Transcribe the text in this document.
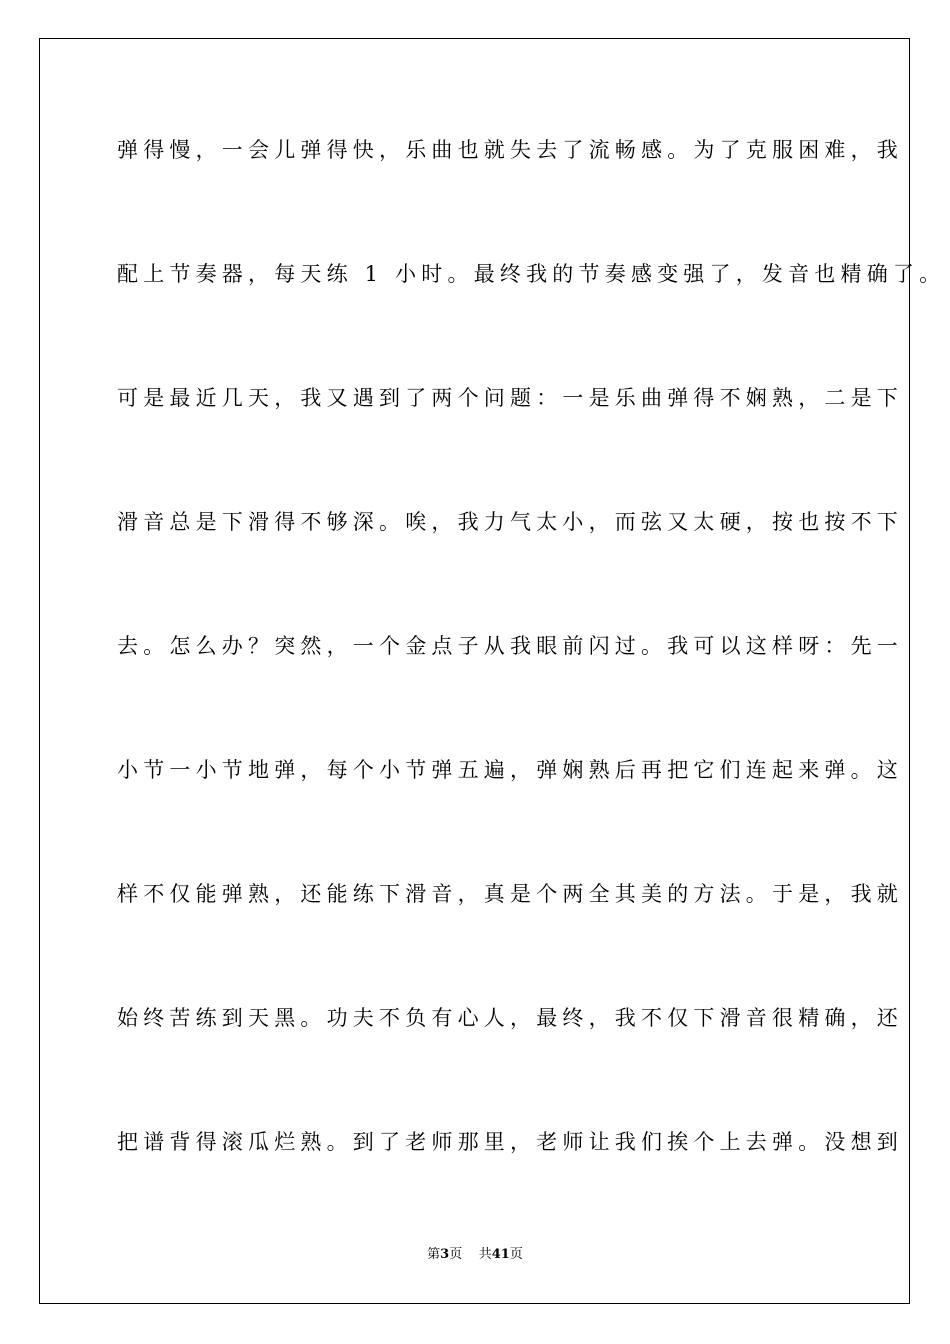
弹得慢，一会儿弹得快，乐曲也就失去了流畅感。为了克服困难，我
配上节奏器，每天练 1 小时。最终我的节奏感变强了，发音也精确了。
可是最近几天，我又遇到了两个问题：一是乐曲弹得不娴熟，二是下
滑音总是下滑得不够深。唉，我力气太小，而弦又太硬，按也按不下
去。怎么办？突然，一个金点子从我眼前闪过。我可以这样呀：先一
小节一小节地弹，每个小节弹五遍，弹娴熟后再把它们连起来弹。这
样不仅能弹熟，还能练下滑音，真是个两全其美的方法。于是，我就
始终苦练到天黑。功夫不负有心人，最终，我不仅下滑音很精确，还
把谱背得滚瓜烂熟。到了老师那里，老师让我们挨个上去弹。没想到
第3页 共41页
